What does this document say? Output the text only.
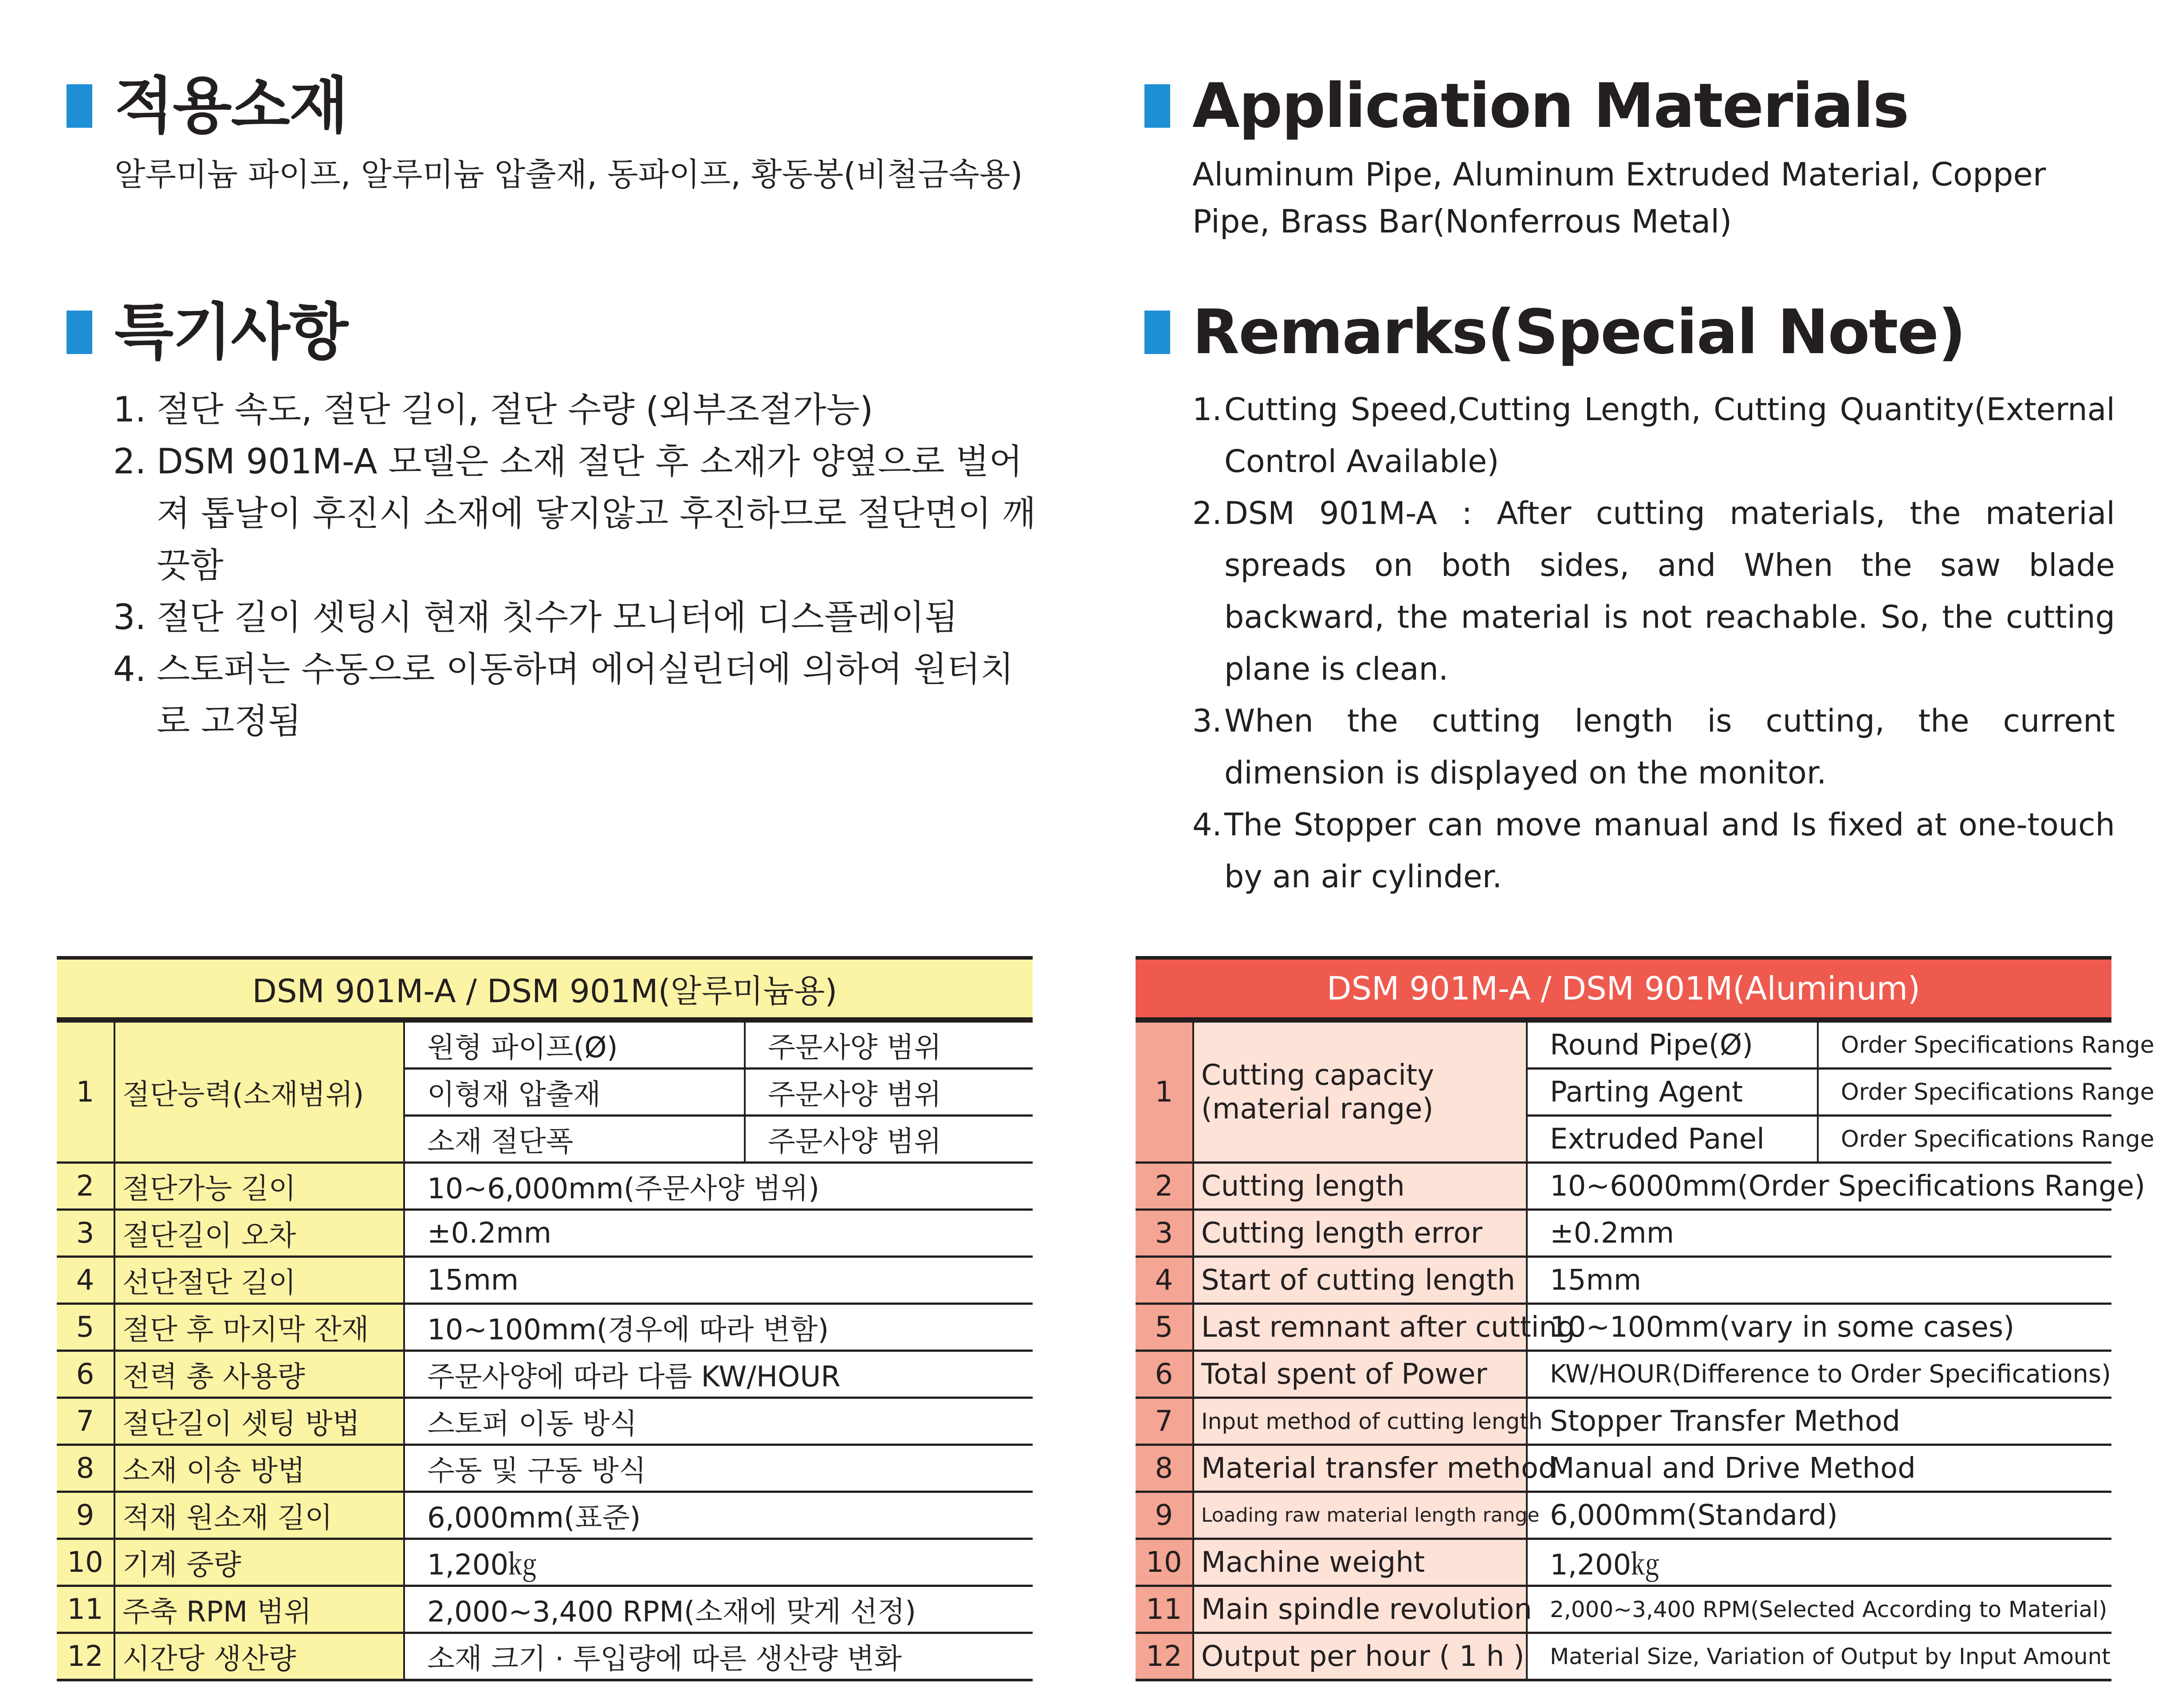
적용소재
알루미늄 파이프, 알루미늄 압출재, 동파이프, 황동봉(비철금속용)
특기사항
1. 절단 속도, 절단 길이, 절단 수량 (외부조절가능)
2. DSM 901M-A 모델은 소재 절단 후 소재가 양옆으로 벌어져 톱날이 후진시 소재에 닿지않고 후진하므로 절단면이 깨끗함
3. 절단 길이 셋팅시 현재 칫수가 모니터에 디스플레이됨
4. 스토퍼는 수동으로 이동하며 에어실린더에 의하여 원터치로 고정됨
DSM 901M-A / DSM 901M(알루미늄용)			
1	절단능력(소재범위)	원형 파이프(Ø)	주문사양 범위
		이형재 압출재	주문사양 범위
		소재 절단폭	주문사양 범위
2	절단가능 길이	10~6,000mm(주문사양 범위)	
3	절단길이 오차	±0.2mm	
4	선단절단 길이	15mm	
5	절단 후 마지막 잔재	10~100mm(경우에 따라 변함)	
6	전력 총 사용량	주문사양에 따라 다름 KW/HOUR	
7	절단길이 셋팅 방법	스토퍼 이동 방식	
8	소재 이송 방법	수동 및 구동 방식	
9	적재 원소재 길이	6,000mm(표준)	
10	기계 중량	1,200㎏	
11	주축 RPM 범위	2,000~3,400 RPM(소재에 맞게 선정)	
12	시간당 생산량	소재 크기 · 투입량에 따른 생산량 변화	
Application Materials
Aluminum Pipe, Aluminum Extruded Material, Copper Pipe, Brass Bar(Nonferrous Metal)
Remarks(Special Note)
1. Cutting Speed,Cutting Length, Cutting Quantity(External Control Available)
2. DSM 901M-A : After cutting materials, the material spreads on both sides, and When the saw blade backward, the material is not reachable. So, the cutting plane is clean.
3. When the cutting length is cutting, the current dimension is displayed on the monitor.
4. The Stopper can move manual and Is fixed at one-touch by an air cylinder.
DSM 901M-A / DSM 901M(Aluminum)			
1	Cutting capacity (material range)	Round Pipe(Ø)	Order Specifications Range
		Parting Agent	Order Specifications Range
		Extruded Panel	Order Specifications Range
2	Cutting length	10~6000mm(Order Specifications Range)	
3	Cutting length error	±0.2mm	
4	Start of cutting length	15mm	
5	Last remnant after cutting	10~100mm(vary in some cases)	
6	Total spent of Power	KW/HOUR(Difference to Order Specifications)	
7	Input method of cutting length	Stopper Transfer Method	
8	Material transfer method	Manual and Drive Method	
9	Loading raw material length range	6,000mm(Standard)	
10	Machine weight	1,200㎏	
11	Main spindle revolution	2,000~3,400 RPM(Selected According to Material)	
12	Output per hour ( 1 h )	Material Size, Variation of Output by Input Amount	
